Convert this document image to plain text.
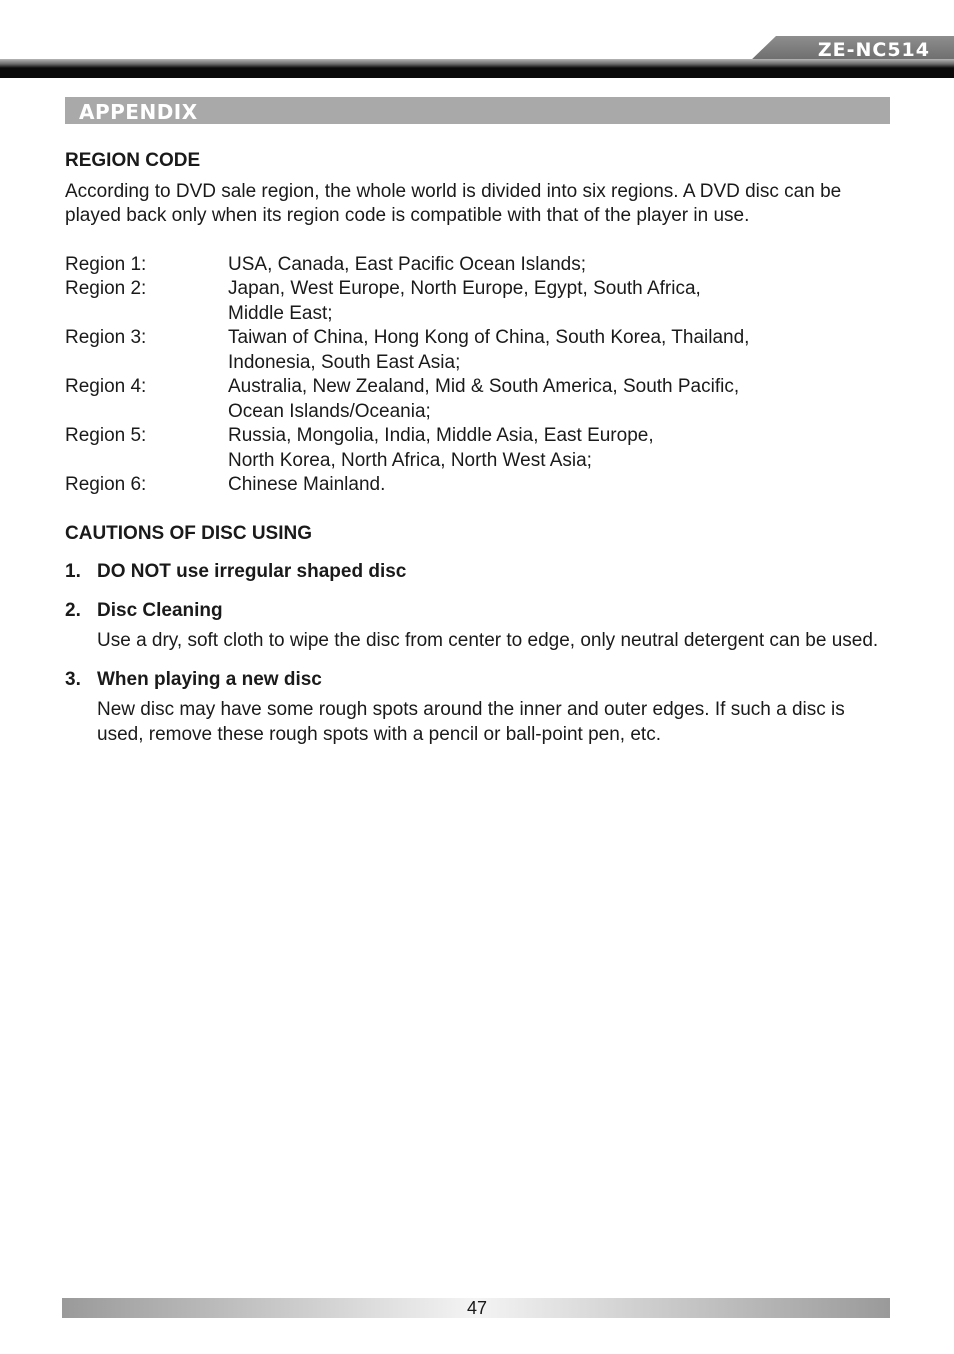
ZE-NC514
APPENDIX
REGION CODE
According to DVD sale region, the whole world is divided into six regions. A DVD disc can be played back only when its region code is compatible with that of the player in use.
Region 1:	USA, Canada, East Pacific Ocean Islands;
Region 2:	Japan, West Europe, North Europe, Egypt, South Africa,
Middle East;
Region 3:	Taiwan of China, Hong Kong of China, South Korea, Thailand,
Indonesia, South East Asia;
Region 4:	Australia, New Zealand, Mid & South America, South Pacific,
Ocean Islands/Oceania;
Region 5:	Russia, Mongolia, India, Middle Asia, East Europe,
North Korea, North Africa, North West Asia;
Region 6:	Chinese Mainland.
CAUTIONS OF DISC USING
1. DO NOT use irregular shaped disc
2. Disc Cleaning
Use a dry, soft cloth to wipe the disc from center to edge, only neutral detergent can be used.
3. When playing a new disc
New disc may have some rough spots around the inner and outer edges. If such a disc is used, remove these rough spots with a pencil or ball-point pen, etc.
47
